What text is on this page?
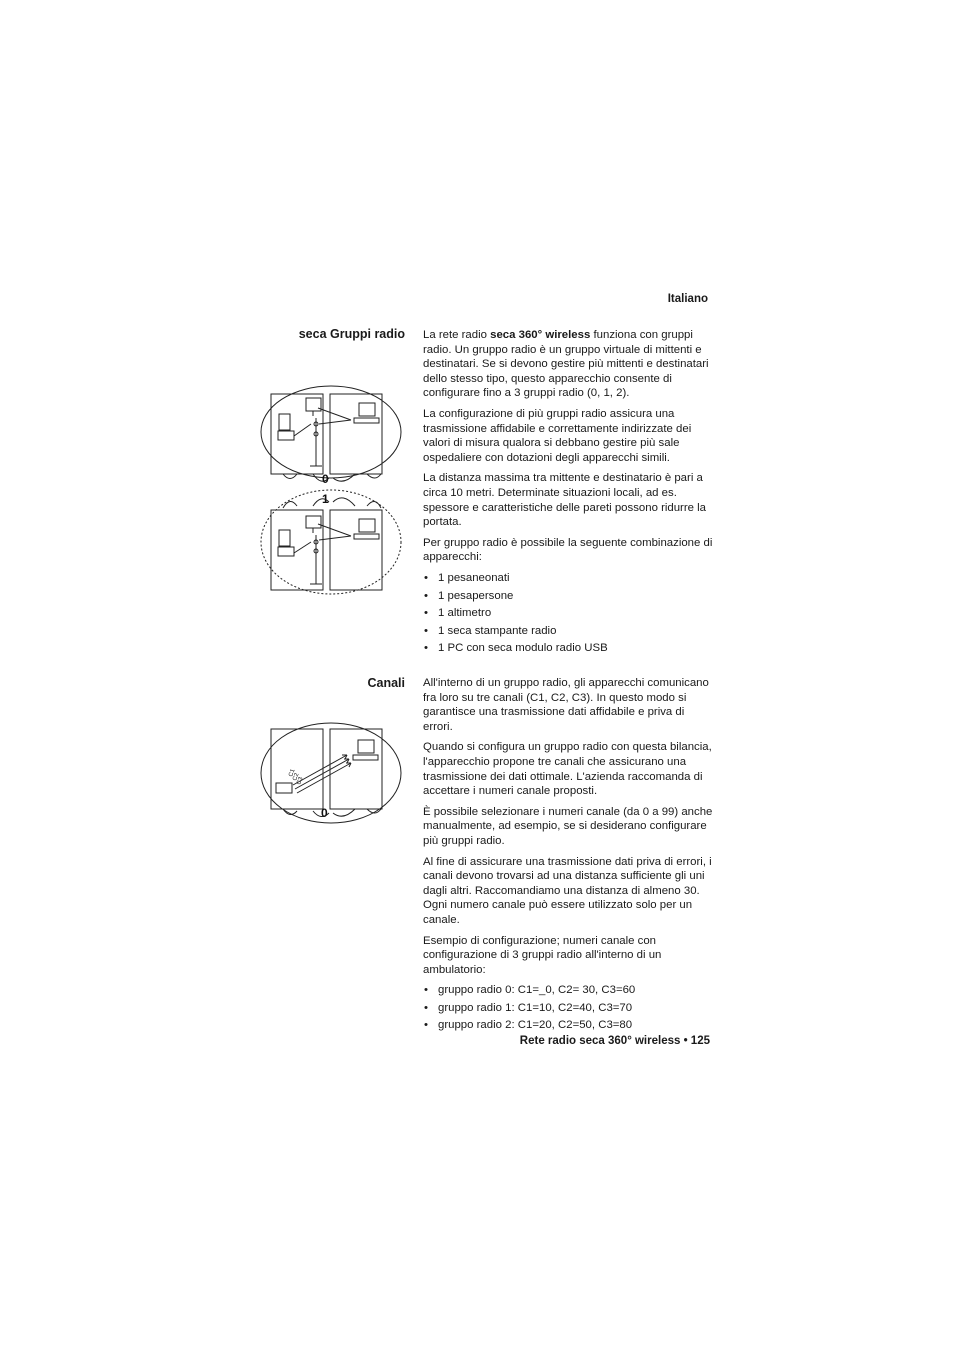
Italiano
seca Gruppi radio La rete radio seca 360° wireless funziona con gruppi radio. Un gruppo radio è un gruppo virtuale di mittenti e destinatari. Se si devono gestire più mittenti e destinatari dello stesso tipo, questo apparecchio consente di configurare fino a 3 gruppi radio (0, 1, 2).

La configurazione di più gruppi radio assicura una trasmissione affidabile e correttamente indirizzate dei valori di misura qualora si debbano gestire più sale ospedaliere con dotazioni degli apparecchi simili.

La distanza massima tra mittente e destinatario è pari a circa 10 metri. Determinate situazioni locali, ad es. spessore e caratteristiche delle pareti possono ridurre la portata.

Per gruppo radio è possibile la seguente combinazione di apparecchi:

• 1 pesaneonati
• 1 pesapersone
• 1 altimetro
• 1 seca stampante radio
• 1 PC con seca modulo radio USB
0
1
Canali All'interno di un gruppo radio, gli apparecchi comunicano fra loro su tre canali (C1, C2, C3). In questo modo si garantisce una trasmissione dati affidabile e priva di errori.

Quando si configura un gruppo radio con questa bilancia, l'apparecchio propone tre canali che assicurano una trasmissione dei dati ottimale. L'azienda raccomanda di accettare i numeri canale proposti.

È possibile selezionare i numeri canale (da 0 a 99) anche manualmente, ad esempio, se si desiderano configurare più gruppi radio.

Al fine di assicurare una trasmissione dati priva di errori, i canali devono trovarsi ad una distanza sufficiente gli uni dagli altri. Raccomandiamo una distanza di almeno 30. Ogni numero canale può essere utilizzato solo per un canale.

Esempio di configurazione; numeri canale con configurazione di 3 gruppi radio all'interno di un ambulatorio:

• gruppo radio 0: C1=_0, C2= 30, C3=60
• gruppo radio 1: C1=10, C2=40, C3=70
• gruppo radio 2: C1=20, C2=50, C3=80
C1
C2
C3
0
Rete radio seca 360° wireless • 125
